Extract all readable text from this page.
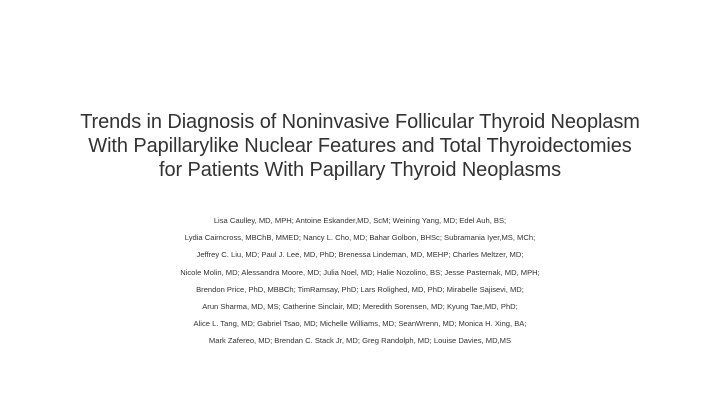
Trends in Diagnosis of Noninvasive Follicular Thyroid Neoplasm
With Papillarylike Nuclear Features and Total Thyroidectomies
for Patients With Papillary Thyroid Neoplasms
Lisa Caulley, MD, MPH; Antoine Eskander,MD, ScM; Weining Yang, MD; Edel Auh, BS;
Lydia Cairncross, MBChB, MMED; Nancy L. Cho, MD; Bahar Golbon, BHSc; Subramania Iyer,MS, MCh;
Jeffrey C. Liu, MD; Paul J. Lee, MD, PhD; Brenessa Lindeman, MD, MEHP; Charles Meltzer, MD;
Nicole Molin, MD; Alessandra Moore, MD; Julia Noel, MD; Halie Nozolino, BS; Jesse Pasternak, MD, MPH;
Brendon Price, PhD, MBBCh; TimRamsay, PhD; Lars Rolighed, MD, PhD; Mirabelle Sajisevi, MD;
Arun Sharma, MD, MS; Catherine Sinclair, MD; Meredith Sorensen, MD; Kyung Tae,MD, PhD;
Alice L. Tang, MD; Gabriel Tsao, MD; Michelle Williams, MD; SeanWrenn, MD; Monica H. Xing, BA;
Mark Zafereo, MD; Brendan C. Stack Jr, MD; Greg Randolph, MD; Louise Davies, MD,MS
